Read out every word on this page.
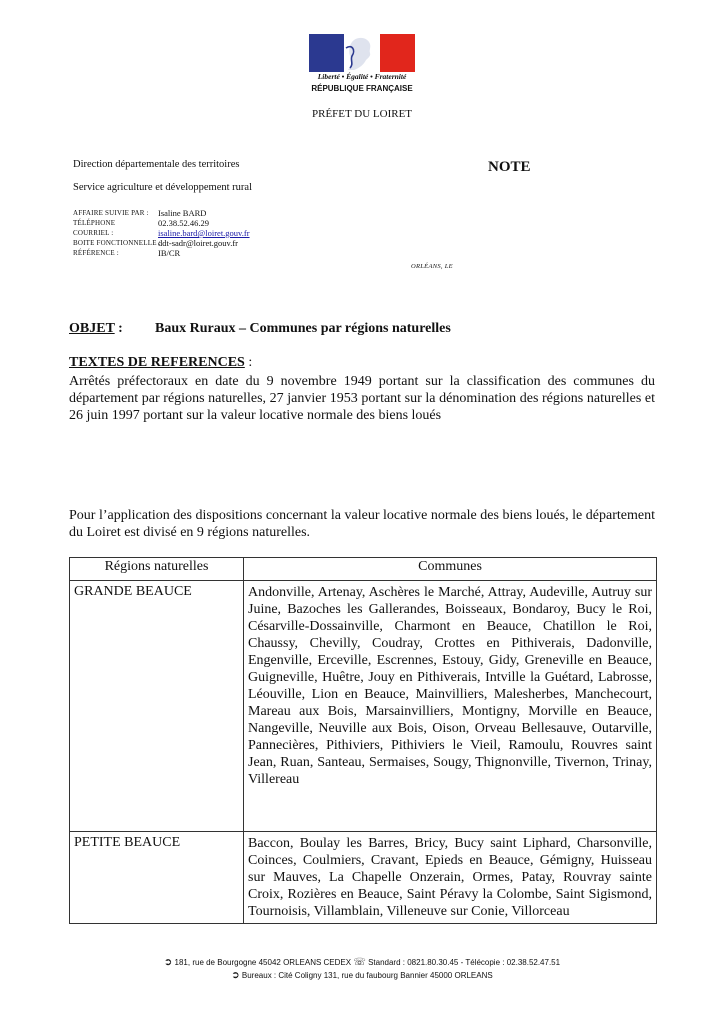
Liberté • Égalité • Fraternité
RÉPUBLIQUE FRANÇAISE
PRÉFET DU LOIRET
Direction départementale des territoires
Service agriculture et développement rural
NOTE
AFFAIRE SUIVIE PAR : Isaline BARD
TÉLÉPHONE	02.38.52.46.29
COURRIEL :	isaline.bard@loiret.gouv.fr
BOITE FONCTIONNELLE :
ddt-sadr@loiret.gouv.fr
RÉFÉRENCE :	IB/CR
ORLÉANS, LE
OBJET : Baux Ruraux – Communes par régions naturelles
TEXTES DE REFERENCES :
Arrêtés préfectoraux en date du 9 novembre 1949 portant sur la classification des communes du département par régions naturelles, 27 janvier 1953 portant sur la dénomination des régions naturelles et 26 juin 1997 portant sur la valeur locative normale des biens loués
Pour l’application des dispositions concernant la valeur locative normale des biens loués, le département du Loiret est divisé en 9 régions naturelles.
Régions naturelles	Communes
GRANDE BEAUCE	Andonville, Artenay, Aschères le Marché, Attray, Audeville, Autruy sur Juine, Bazoches les Gallerandes, Boisseaux, Bondaroy, Bucy le Roi, Césarville-Dossainville, Charmont en Beauce, Chatillon le Roi, Chaussy, Chevilly, Coudray, Crottes en Pithiverais, Dadonville, Engenville, Erceville, Escrennes, Estouy, Gidy, Greneville en Beauce, Guigneville, Huêtre, Jouy en Pithiverais, Intville la Guétard, Labrosse, Léouville, Lion en Beauce, Mainvilliers, Malesherbes, Manchecourt, Mareau aux Bois, Marsainvilliers, Montigny, Morville en Beauce, Nangeville, Neuville aux Bois, Oison, Orveau Bellesauve, Outarville, Pannecières, Pithiviers, Pithiviers le Vieil, Ramoulu, Rouvres saint Jean, Ruan, Santeau, Sermaises, Sougy, Thignonville, Tivernon, Trinay, Villereau
PETITE BEAUCE	Baccon, Boulay les Barres, Bricy, Bucy saint Liphard, Charsonville, Coinces, Coulmiers, Cravant, Epieds en Beauce, Gémigny, Huisseau sur Mauves, La Chapelle Onzerain, Ormes, Patay, Rouvray sainte Croix, Rozières en Beauce, Saint Péravy la Colombe, Saint Sigismond, Tournoisis, Villamblain, Villeneuve sur Conie, Villorceau
➲ 181, rue de Bourgogne 45042 ORLEANS CEDEX ☏ Standard : 0821.80.30.45 - Télécopie : 02.38.52.47.51
➲ Bureaux : Cité Coligny 131, rue du faubourg Bannier 45000 ORLEANS
